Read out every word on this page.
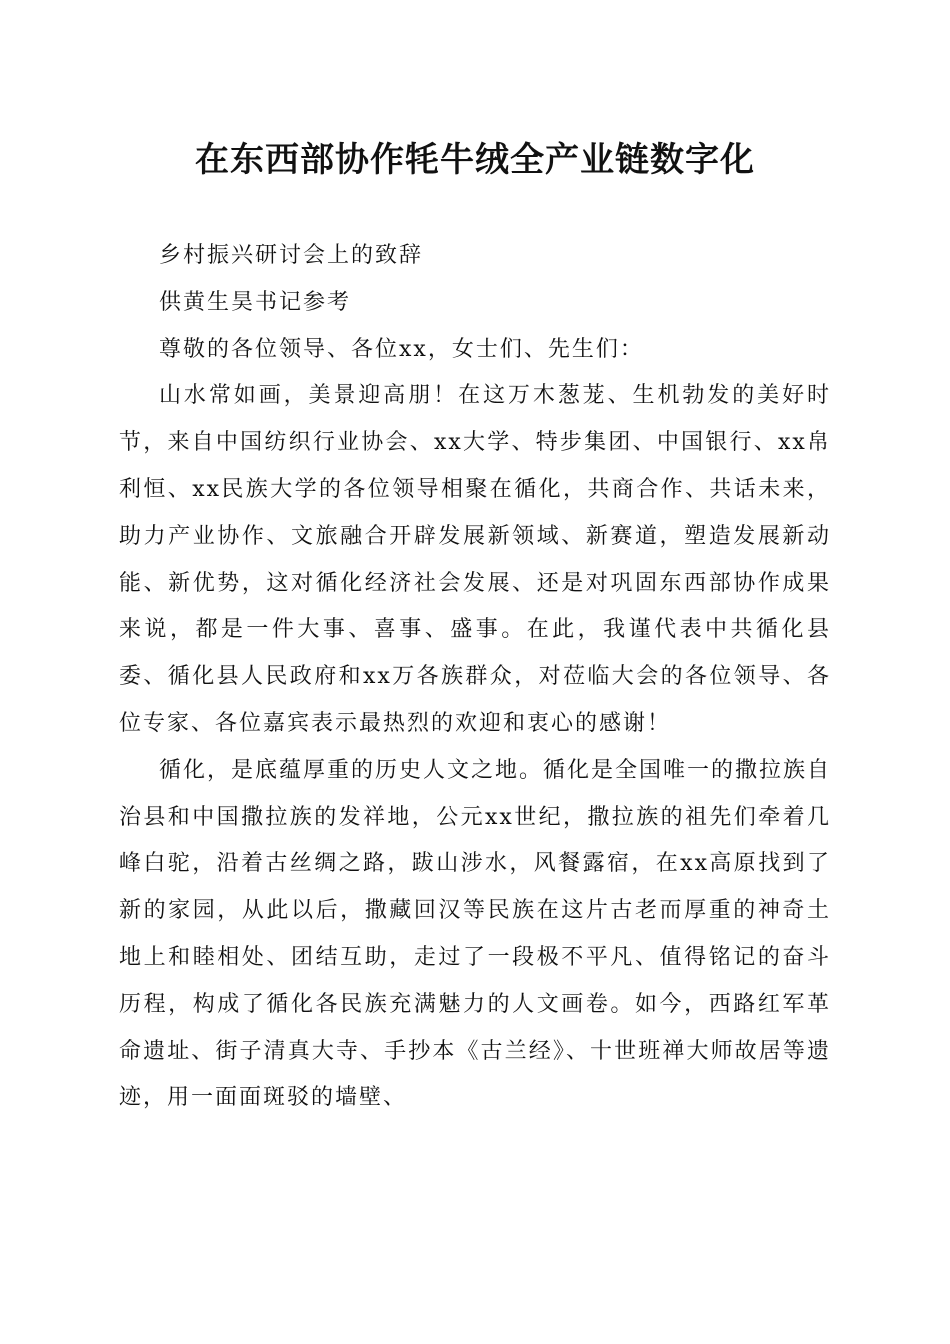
在东西部协作牦牛绒全产业链数字化

乡村振兴研讨会上的致辞

供黄生昊书记参考

尊敬的各位领导、各位xx，女士们、先生们：

山水常如画，美景迎高朋！在这万木葱茏、生机勃发的美好时节，来自中国纺织行业协会、xx大学、特步集团、中国银行、xx帛利恒、xx民族大学的各位领导相聚在循化，共商合作、共话未来，助力产业协作、文旅融合开辟发展新领域、新赛道，塑造发展新动能、新优势，这对循化经济社会发展、还是对巩固东西部协作成果来说，都是一件大事、喜事、盛事。在此，我谨代表中共循化县委、循化县人民政府和xx万各族群众，对莅临大会的各位领导、各位专家、各位嘉宾表示最热烈的欢迎和衷心的感谢！

循化，是底蕴厚重的历史人文之地。循化是全国唯一的撒拉族自治县和中国撒拉族的发祥地，公元xx世纪，撒拉族的祖先们牵着几峰白驼，沿着古丝绸之路，跋山涉水，风餐露宿，在xx高原找到了新的家园，从此以后，撒藏回汉等民族在这片古老而厚重的神奇土地上和睦相处、团结互助，走过了一段极不平凡、值得铭记的奋斗历程，构成了循化各民族充满魅力的人文画卷。如今，西路红军革命遗址、街子清真大寺、手抄本《古兰经》、十世班禅大师故居等遗迹，用一面面斑驳的墙壁、
